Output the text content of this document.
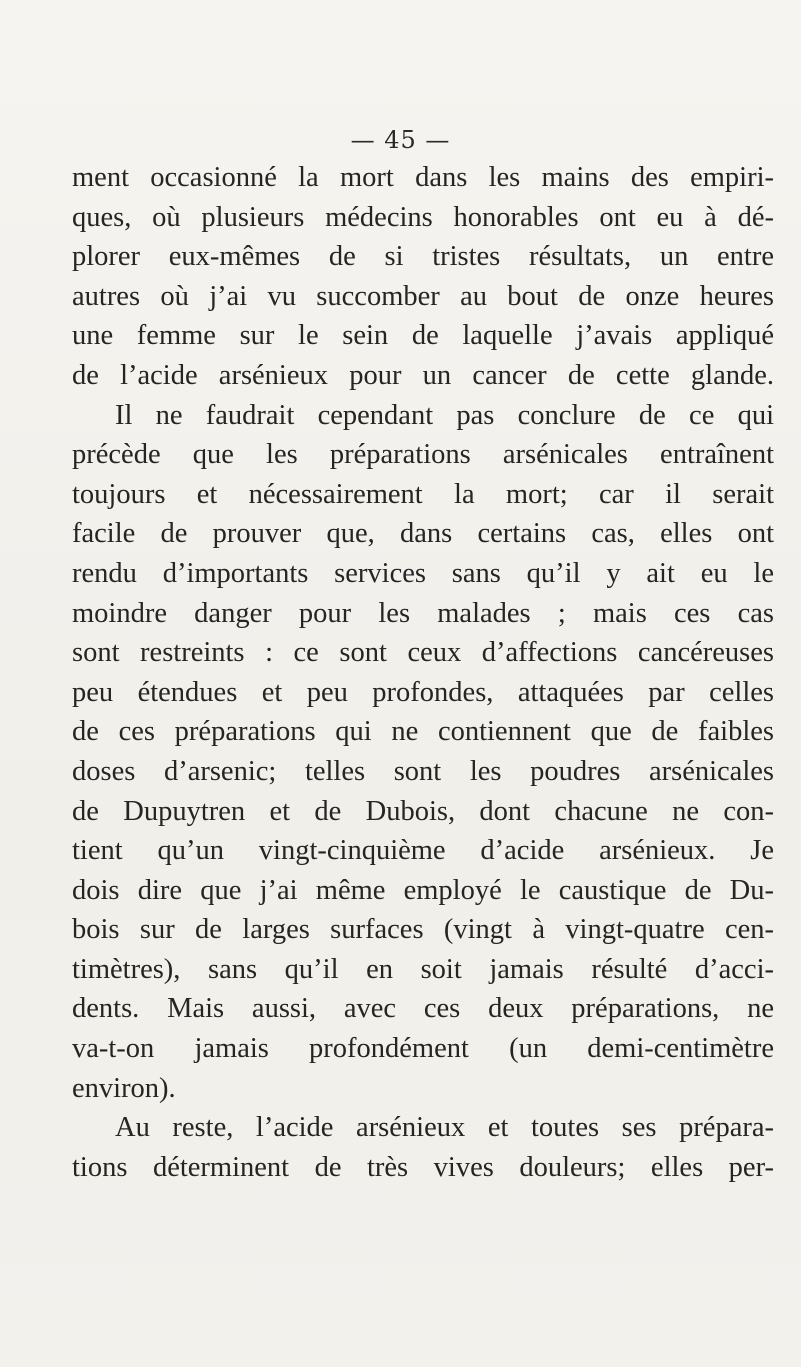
— 45 —
ment occasionné la mort dans les mains des empiri-
ques, où plusieurs médecins honorables ont eu à dé-
plorer eux-mêmes de si tristes résultats, un entre
autres où j’ai vu succomber au bout de onze heures
une femme sur le sein de laquelle j’avais appliqué
de l’acide arsénieux pour un cancer de cette glande.
Il ne faudrait cependant pas conclure de ce qui
précède que les préparations arsénicales entraînent
toujours et nécessairement la mort; car il serait
facile de prouver que, dans certains cas, elles ont
rendu d’importants services sans qu’il y ait eu le
moindre danger pour les malades ; mais ces cas
sont restreints : ce sont ceux d’affections cancéreuses
peu étendues et peu profondes, attaquées par celles
de ces préparations qui ne contiennent que de faibles
doses d’arsenic; telles sont les poudres arsénicales
de Dupuytren et de Dubois, dont chacune ne con-
tient qu’un vingt-cinquième d’acide arsénieux. Je
dois dire que j’ai même employé le caustique de Du-
bois sur de larges surfaces (vingt à vingt-quatre cen-
timètres), sans qu’il en soit jamais résulté d’acci-
dents. Mais aussi, avec ces deux préparations, ne
va-t-on jamais profondément (un demi-centimètre
environ).
Au reste, l’acide arsénieux et toutes ses prépara-
tions déterminent de très vives douleurs; elles per-
